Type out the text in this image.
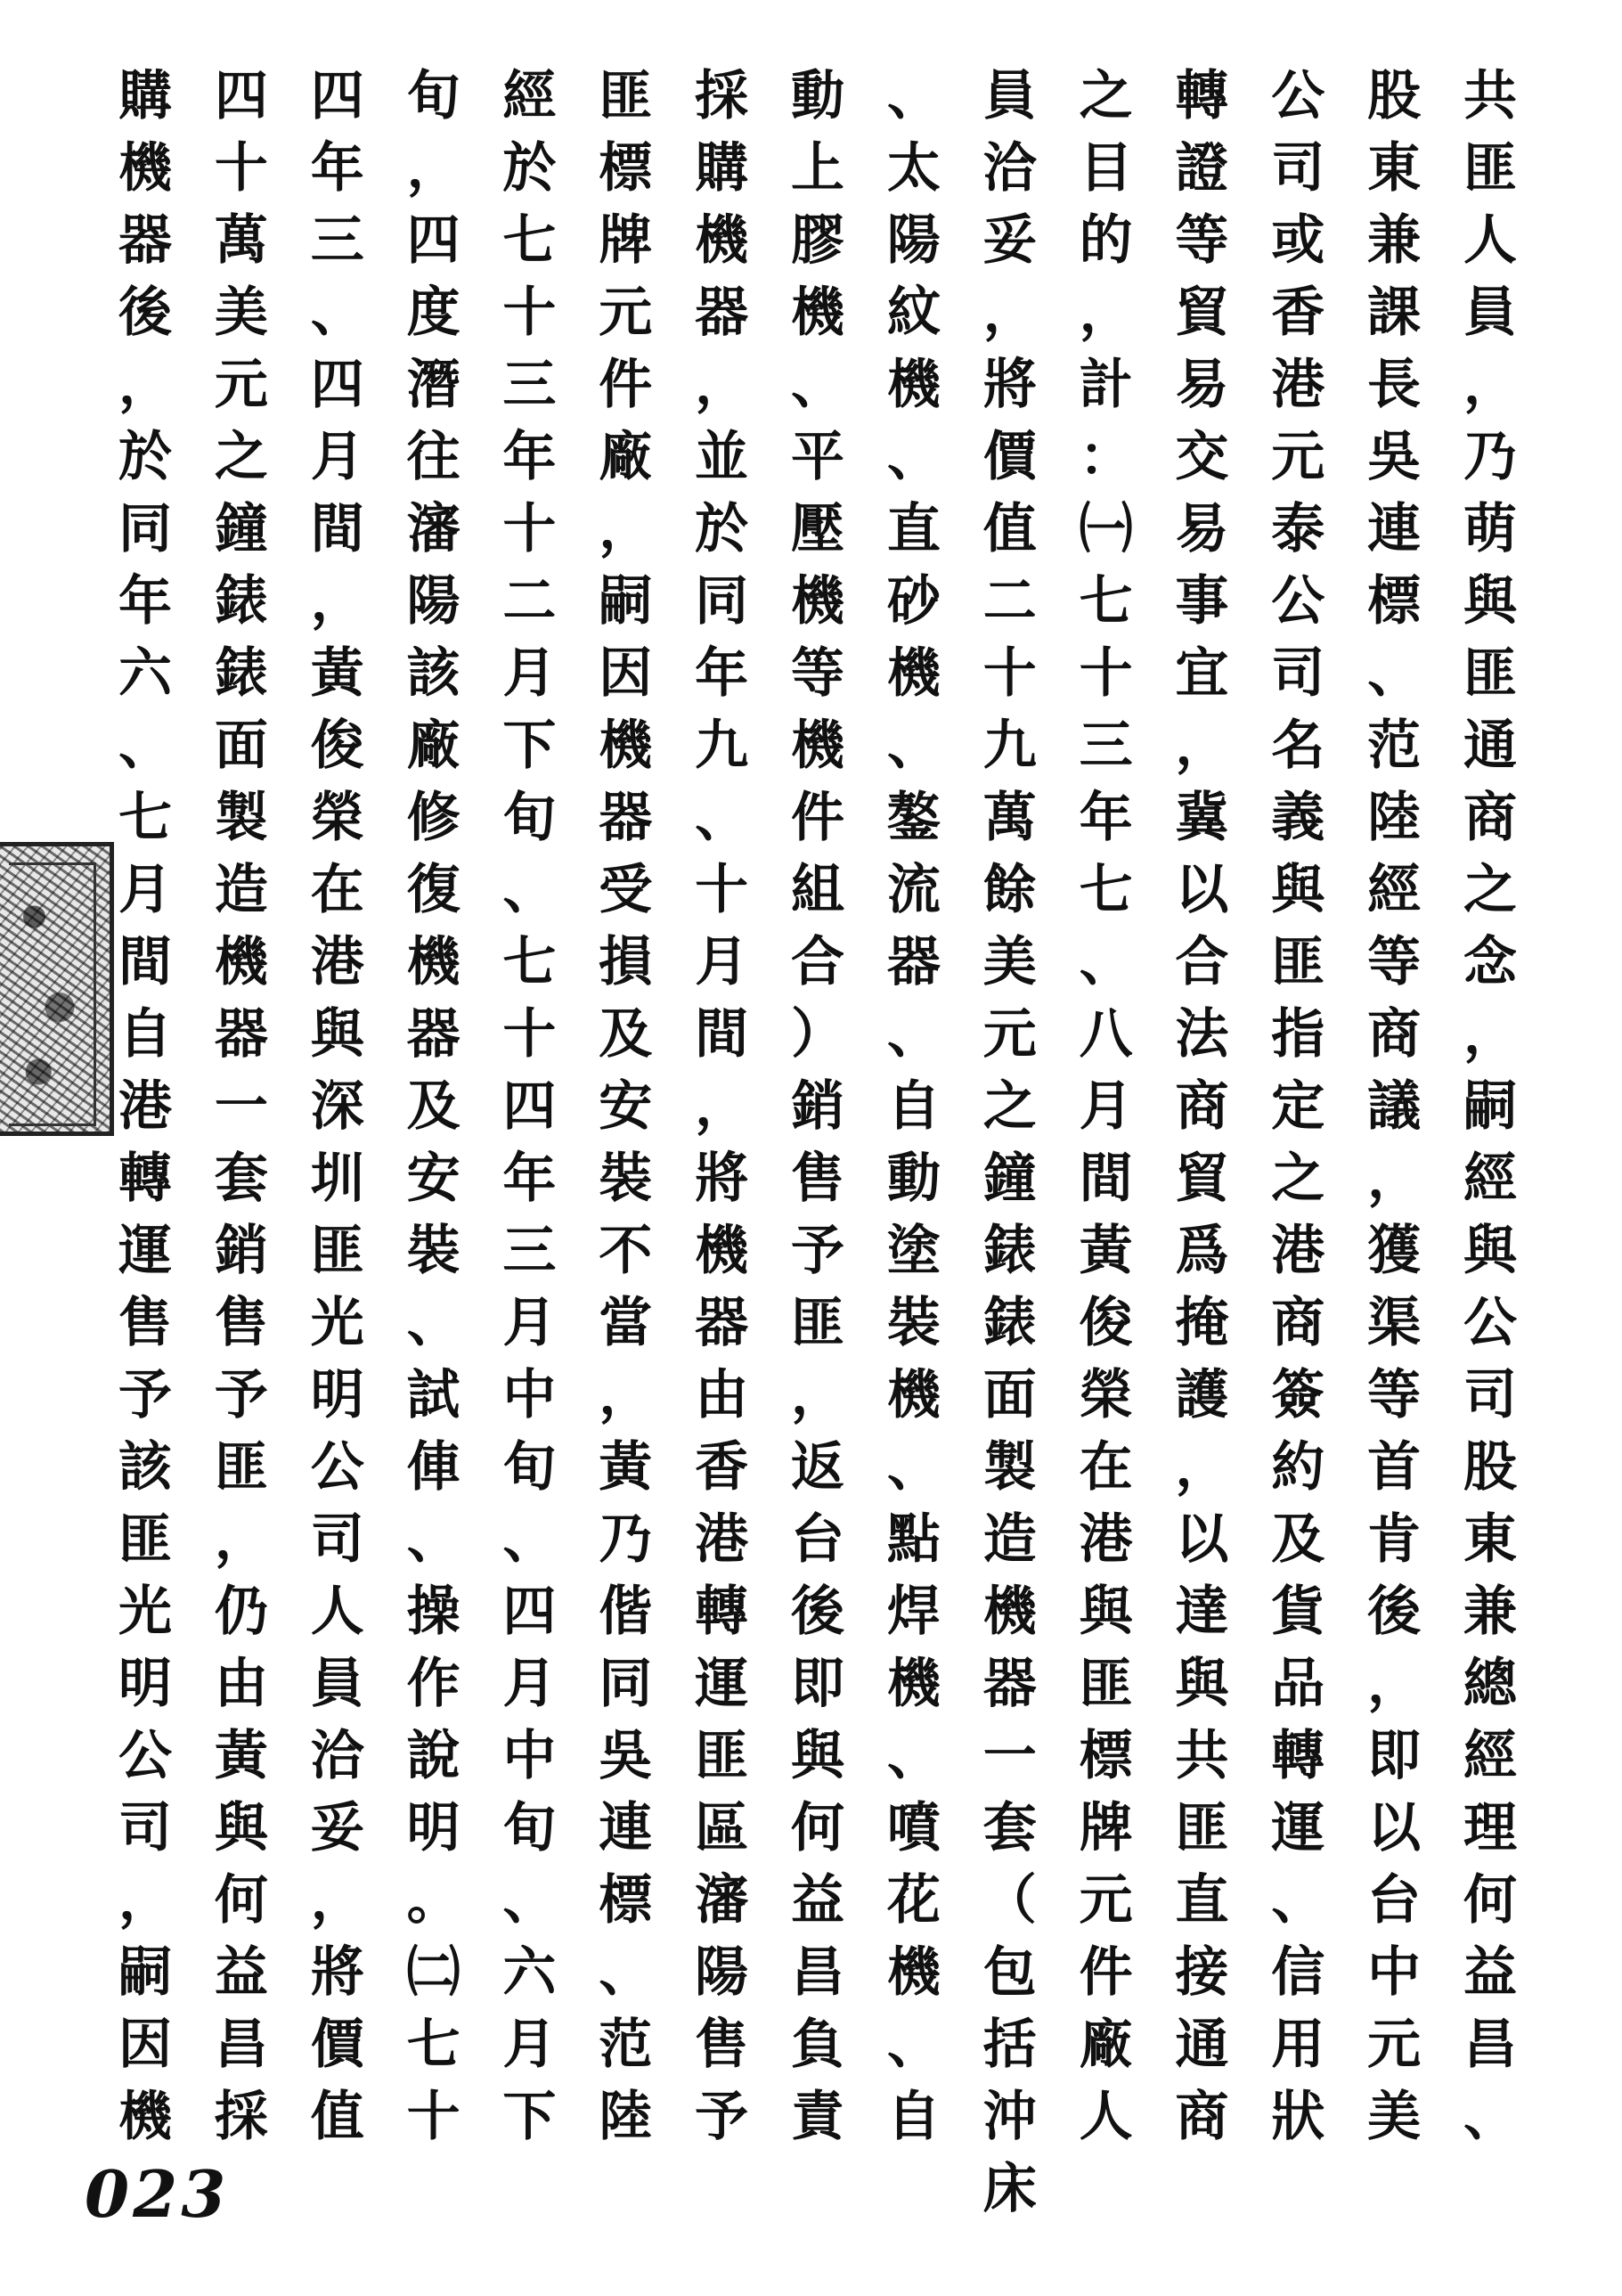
共
匪
人
員
，
乃
萌
與
匪
通
商
之
念
，
嗣
經
與
公
司
股
東
兼
總
經
理
何
益
昌
、
股
東
兼
課
長
吳
連
標
、
范
陸
經
等
商
議
，
獲
渠
等
首
肯
後
，
即
以
台
中
元
美
公
司
或
香
港
元
泰
公
司
名
義
與
匪
指
定
之
港
商
簽
約
及
貨
品
轉
運
、
信
用
狀
轉
證
等
貿
易
交
易
事
宜
，
冀
以
合
法
商
貿
爲
掩
護
，
以
達
與
共
匪
直
接
通
商
之
目
的
，
計
：
㈠
七
十
三
年
七
、
八
月
間
黃
俊
榮
在
港
與
匪
標
牌
元
件
廠
人
員
洽
妥
，
將
價
值
二
十
九
萬
餘
美
元
之
鐘
錶
錶
面
製
造
機
器
一
套
（
包
括
沖
床
、
太
陽
紋
機
、
直
砂
機
、
鏊
流
器
、
自
動
塗
裝
機
、
點
焊
機
、
噴
花
機
、
自
動
上
膠
機
、
平
壓
機
等
機
件
組
合
）
銷
售
予
匪
，
返
台
後
即
與
何
益
昌
負
責
採
購
機
器
，
並
於
同
年
九
、
十
月
間
，
將
機
器
由
香
港
轉
運
匪
區
瀋
陽
售
予
匪
標
牌
元
件
廠
，
嗣
因
機
器
受
損
及
安
裝
不
當
，
黃
乃
偕
同
吳
連
標
、
范
陸
經
於
七
十
三
年
十
二
月
下
旬
、
七
十
四
年
三
月
中
旬
、
四
月
中
旬
、
六
月
下
旬
，
四
度
潛
往
瀋
陽
該
廠
修
復
機
器
及
安
裝
、
試
俥
、
操
作
說
明
。
㈡
七
十
四
年
三
、
四
月
間
，
黃
俊
榮
在
港
與
深
圳
匪
光
明
公
司
人
員
洽
妥
，
將
價
值
四
十
萬
美
元
之
鐘
錶
錶
面
製
造
機
器
一
套
銷
售
予
匪
，
仍
由
黃
與
何
益
昌
採
購
機
器
後
，
於
同
年
六
、
七
月
間
自
港
轉
運
售
予
該
匪
光
明
公
司
，
嗣
因
機
023
